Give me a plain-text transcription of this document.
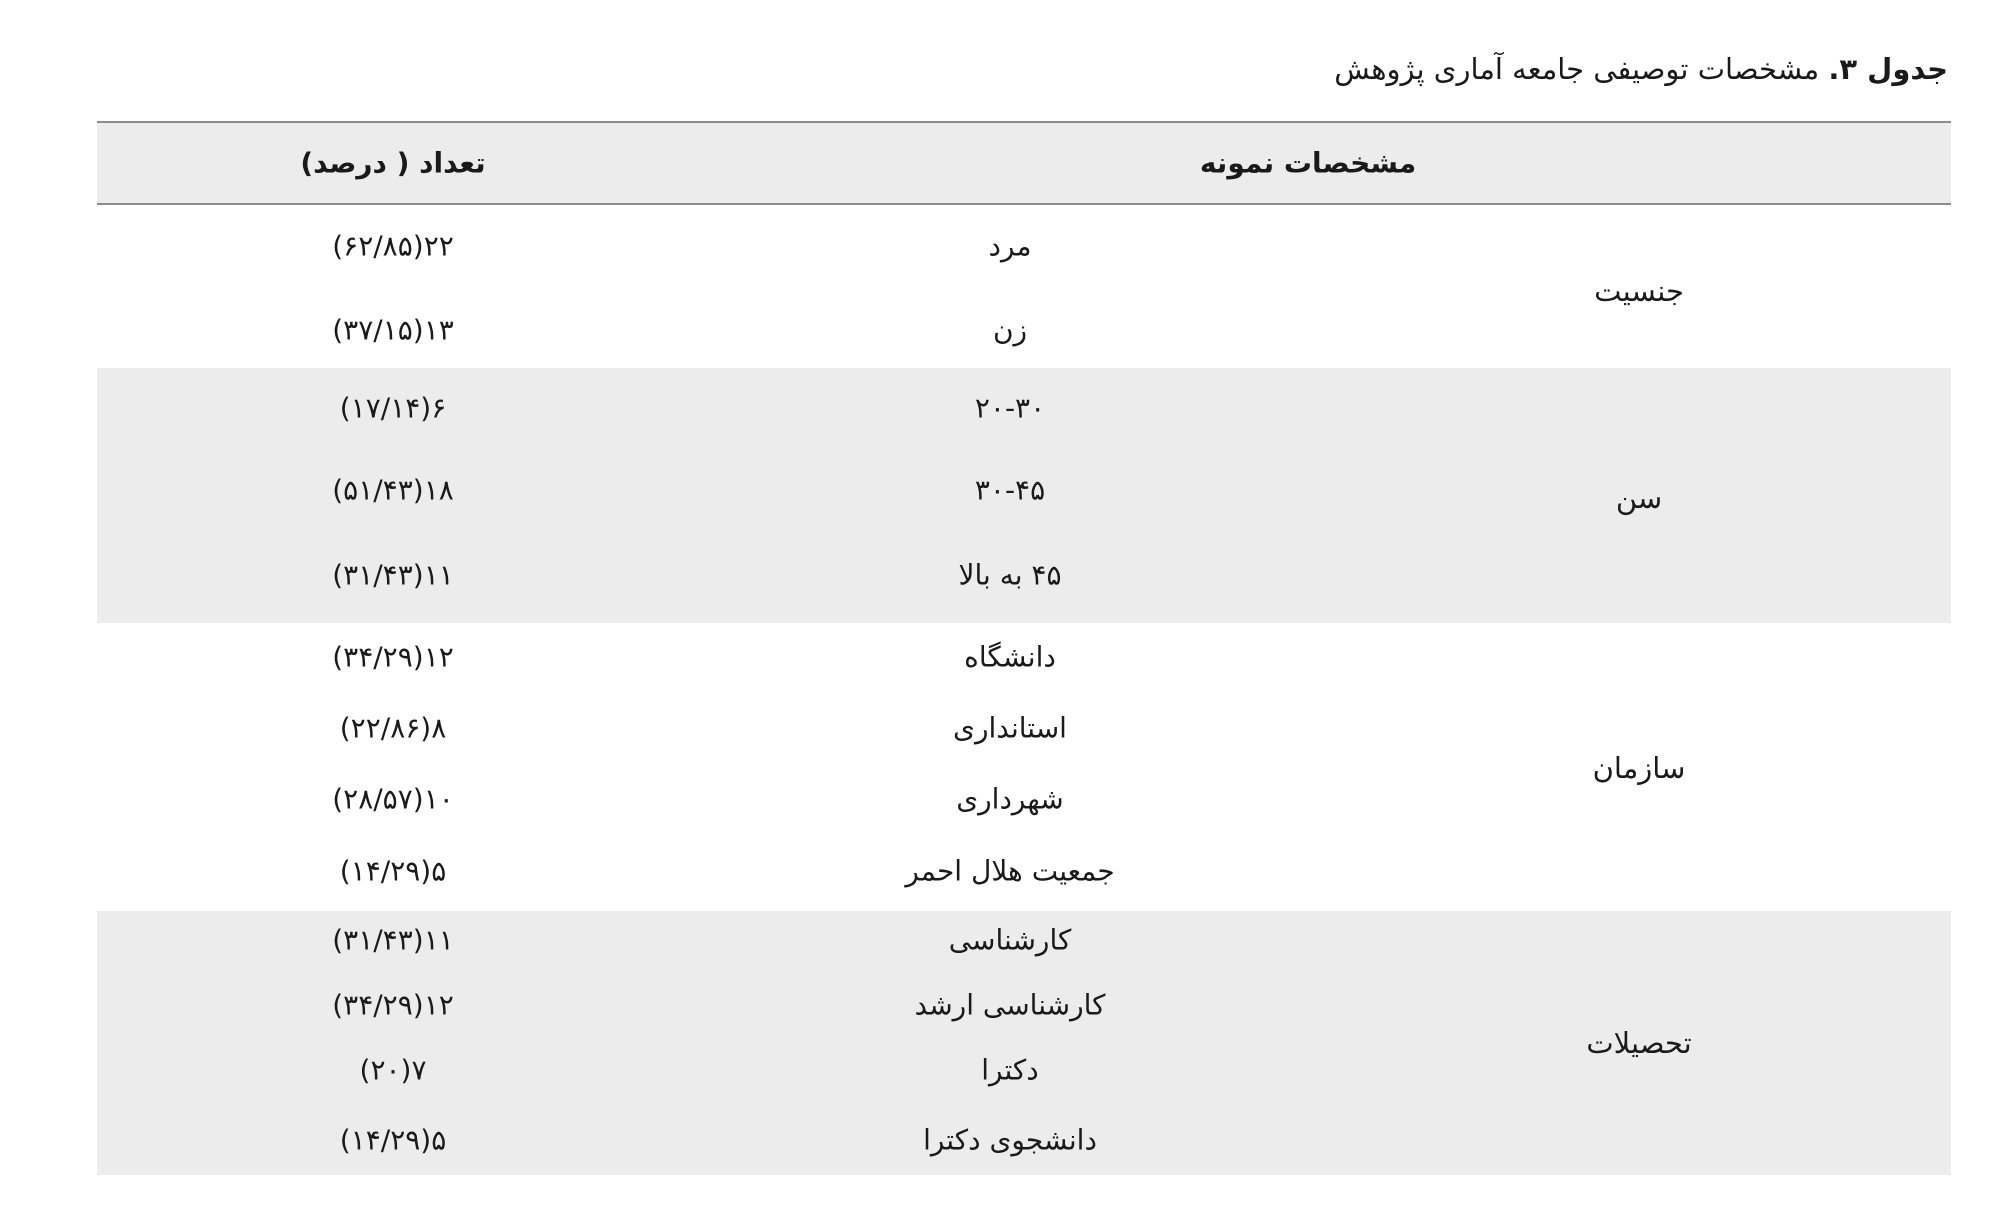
جدول ۳. مشخصات توصیفی جامعه آماری پژوهش
مشخصات نمونه
تعداد ( درصد)
جنسیت
مرد
۲۲(۶۲/۸۵)
زن
۱۳(۳۷/۱۵)
سن
۲۰-۳۰
۶(۱۷/۱۴)
۳۰-۴۵
۱۸(۵۱/۴۳)
۴۵ به بالا
۱۱(۳۱/۴۳)
سازمان
دانشگاه
۱۲(۳۴/۲۹)
استانداری
۸(۲۲/۸۶)
شهرداری
۱۰(۲۸/۵۷)
جمعیت هلال احمر
۵(۱۴/۲۹)
تحصیلات
کارشناسی
۱۱(۳۱/۴۳)
کارشناسی ارشد
۱۲(۳۴/۲۹)
دکترا
۷(۲۰)
دانشجوی دکترا
۵(۱۴/۲۹)
